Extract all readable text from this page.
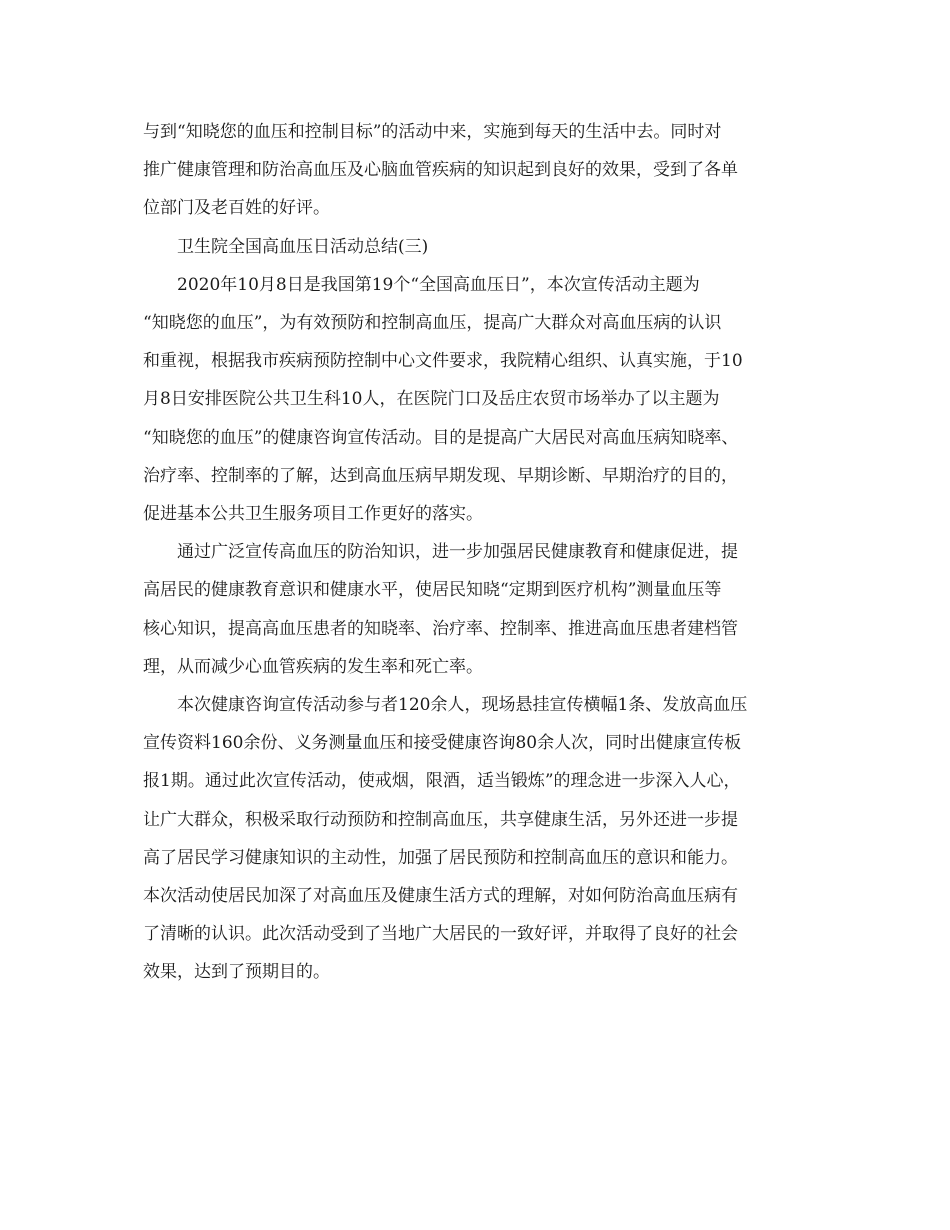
与到“知晓您的血压和控制目标”的活动中来，实施到每天的生活中去。同时对
推广健康管理和防治高血压及心脑血管疾病的知识起到良好的效果，受到了各单
位部门及老百姓的好评。

卫生院全国高血压日活动总结(三)

2020年10月8日是我国第19个“全国高血压日”，本次宣传活动主题为
“知晓您的血压”，为有效预防和控制高血压，提高广大群众对高血压病的认识
和重视，根据我市疾病预防控制中心文件要求，我院精心组织、认真实施，于10
月8日安排医院公共卫生科10人，在医院门口及岳庄农贸市场举办了以主题为
“知晓您的血压”的健康咨询宣传活动。目的是提高广大居民对高血压病知晓率、
治疗率、控制率的了解，达到高血压病早期发现、早期诊断、早期治疗的目的，
促进基本公共卫生服务项目工作更好的落实。

通过广泛宣传高血压的防治知识，进一步加强居民健康教育和健康促进，提
高居民的健康教育意识和健康水平，使居民知晓“定期到医疗机构”测量血压等
核心知识，提高高血压患者的知晓率、治疗率、控制率、推进高血压患者建档管
理，从而减少心血管疾病的发生率和死亡率。

本次健康咨询宣传活动参与者120余人，现场悬挂宣传横幅1条、发放高血压
宣传资料160余份、义务测量血压和接受健康咨询80余人次，同时出健康宣传板
报1期。通过此次宣传活动，使戒烟，限酒，适当锻炼”的理念进一步深入人心，
让广大群众，积极采取行动预防和控制高血压，共享健康生活，另外还进一步提
高了居民学习健康知识的主动性，加强了居民预防和控制高血压的意识和能力。
本次活动使居民加深了对高血压及健康生活方式的理解，对如何防治高血压病有
了清晰的认识。此次活动受到了当地广大居民的一致好评，并取得了良好的社会
效果，达到了预期目的。
